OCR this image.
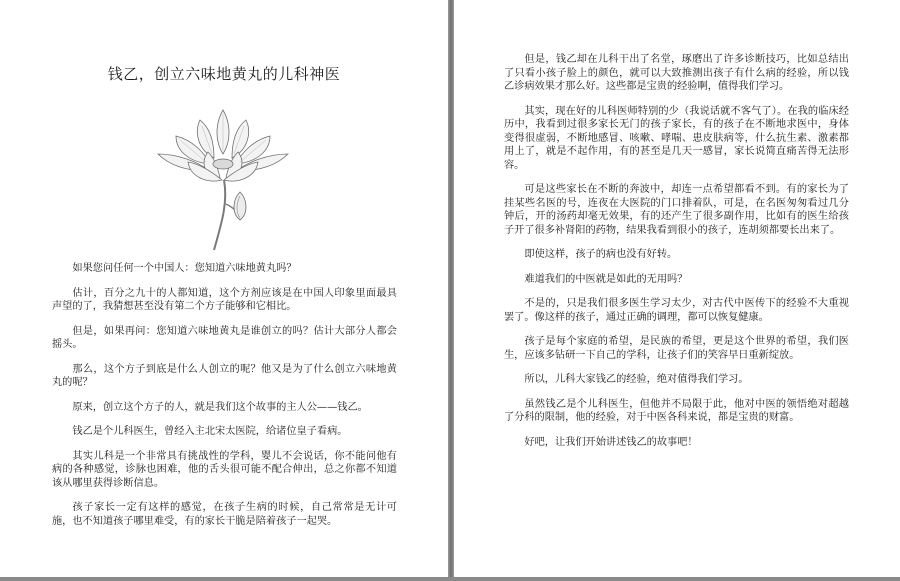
钱乙，创立六味地黄丸的儿科神医

如果您问任何一个中国人：您知道六味地黄丸吗？

估计，百分之九十的人都知道，这个方剂应该是在中国人印象里面最具声望的了，我猜想甚至没有第二个方子能够和它相比。

但是，如果再问：您知道六味地黄丸是谁创立的吗？估计大部分人都会摇头。

那么，这个方子到底是什么人创立的呢？他又是为了什么创立六味地黄丸的呢？

原来，创立这个方子的人，就是我们这个故事的主人公——钱乙。

钱乙是个儿科医生，曾经入主北宋太医院，给诸位皇子看病。

其实儿科是一个非常具有挑战性的学科，婴儿不会说话，你不能问他有病的各种感觉，诊脉也困难，他的舌头很可能不配合伸出，总之你都不知道该从哪里获得诊断信息。

孩子家长一定有这样的感觉，在孩子生病的时候，自己常常是无计可施，也不知道孩子哪里难受，有的家长干脆是陪着孩子一起哭。

但是，钱乙却在儿科干出了名堂，琢磨出了许多诊断技巧，比如总结出了只看小孩子脸上的颜色，就可以大致推测出孩子有什么病的经验，所以钱乙诊病效果才那么好。这些都是宝贵的经验啊，值得我们学习。

其实，现在好的儿科医师特别的少（我说话就不客气了）。在我的临床经历中，我看到过很多家长无门的孩子家长，有的孩子在不断地求医中，身体变得很虚弱，不断地感冒、咳嗽、哮喘、患皮肤病等，什么抗生素、激素都用上了，就是不起作用，有的甚至是几天一感冒，家长说简直痛苦得无法形容。

可是这些家长在不断的奔波中，却连一点希望都看不到。有的家长为了挂某些名医的号，连夜在大医院的门口排着队，可是，在名医匆匆看过几分钟后，开的汤药却毫无效果，有的还产生了很多副作用，比如有的医生给孩子开了很多补肾阳的药物，结果我看到很小的孩子，连胡须都要长出来了。

即使这样，孩子的病也没有好转。

难道我们的中医就是如此的无用吗？

不是的，只是我们很多医生学习太少，对古代中医传下的经验不大重视罢了。像这样的孩子，通过正确的调理，都可以恢复健康。

孩子是每个家庭的希望，是民族的希望，更是这个世界的希望，我们医生，应该多钻研一下自己的学科，让孩子们的笑容早日重新绽放。

所以，儿科大家钱乙的经验，绝对值得我们学习。

虽然钱乙是个儿科医生，但他并不局限于此，他对中医的领悟绝对超越了分科的限制，他的经验，对于中医各科来说，都是宝贵的财富。

好吧，让我们开始讲述钱乙的故事吧！
